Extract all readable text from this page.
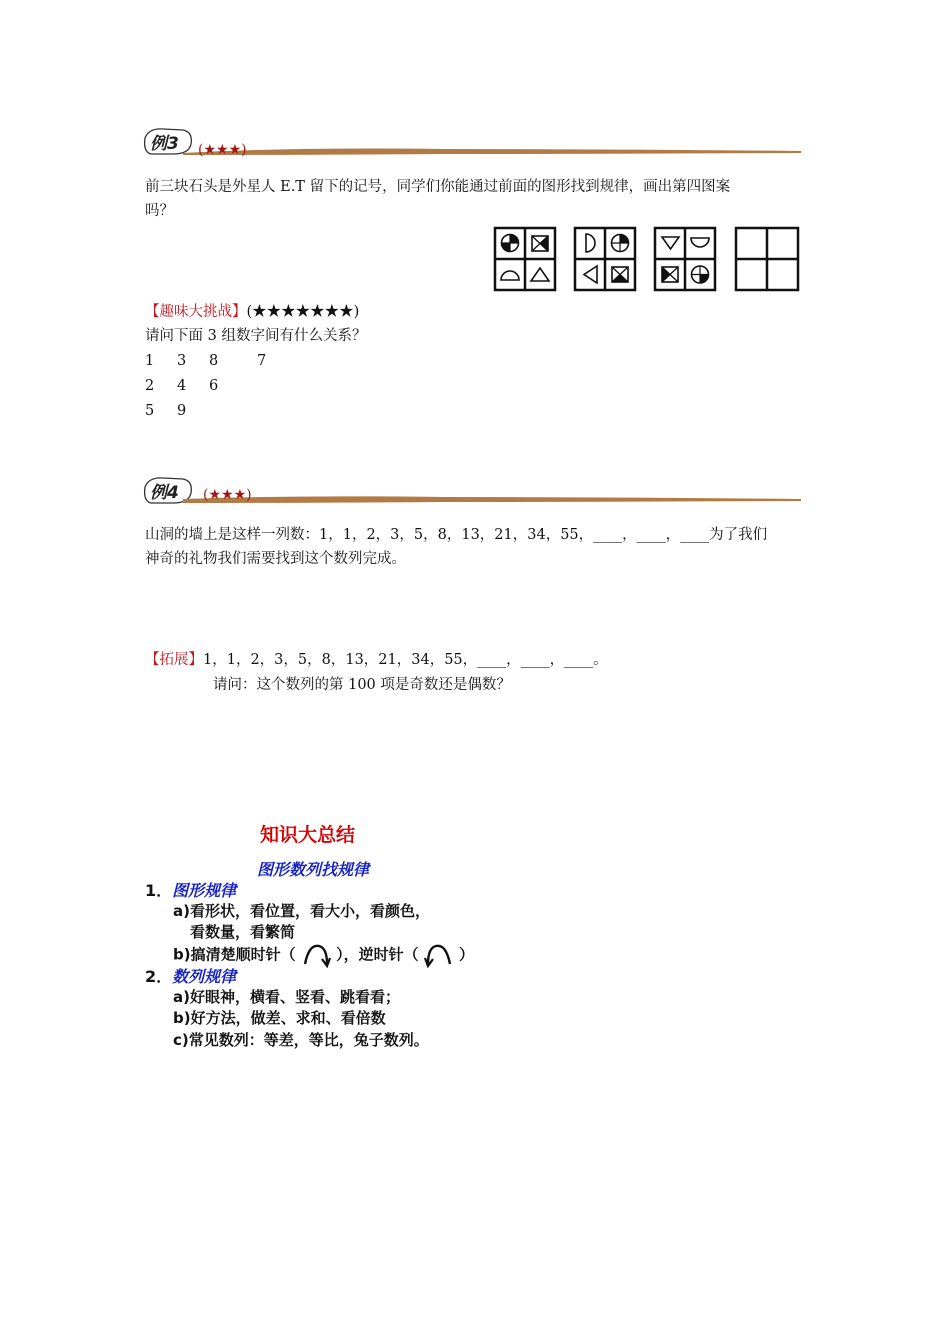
例3 (★★★)
前三块石头是外星人 E.T 留下的记号，同学们你能通过前面的图形找到规律，画出第四图案
吗？
【趣味大挑战】(★★★★★★★)
请问下面 3 组数字间有什么关系？
1 3 8	7
2 4 6
5 9
例4 (★★★)
山洞的墙上是这样一列数：1，1，2，3，5，8，13，21，34，55，____，____，____为了我们
神奇的礼物我们需要找到这个数列完成。
【拓展】1，1，2，3，5，8，13，21，34，55，____，____，____。
请问：这个数列的第 100 项是奇数还是偶数？
知识大总结
图形数列找规律
1．图形规律
a)看形状，看位置，看大小，看颜色，
看数量，看繁简
b)搞清楚顺时针（	），逆时针（	）
2．数列规律
a)好眼神，横看、竖看、跳看看；
b)好方法，做差、求和、看倍数
c)常见数列：等差，等比，兔子数列。
